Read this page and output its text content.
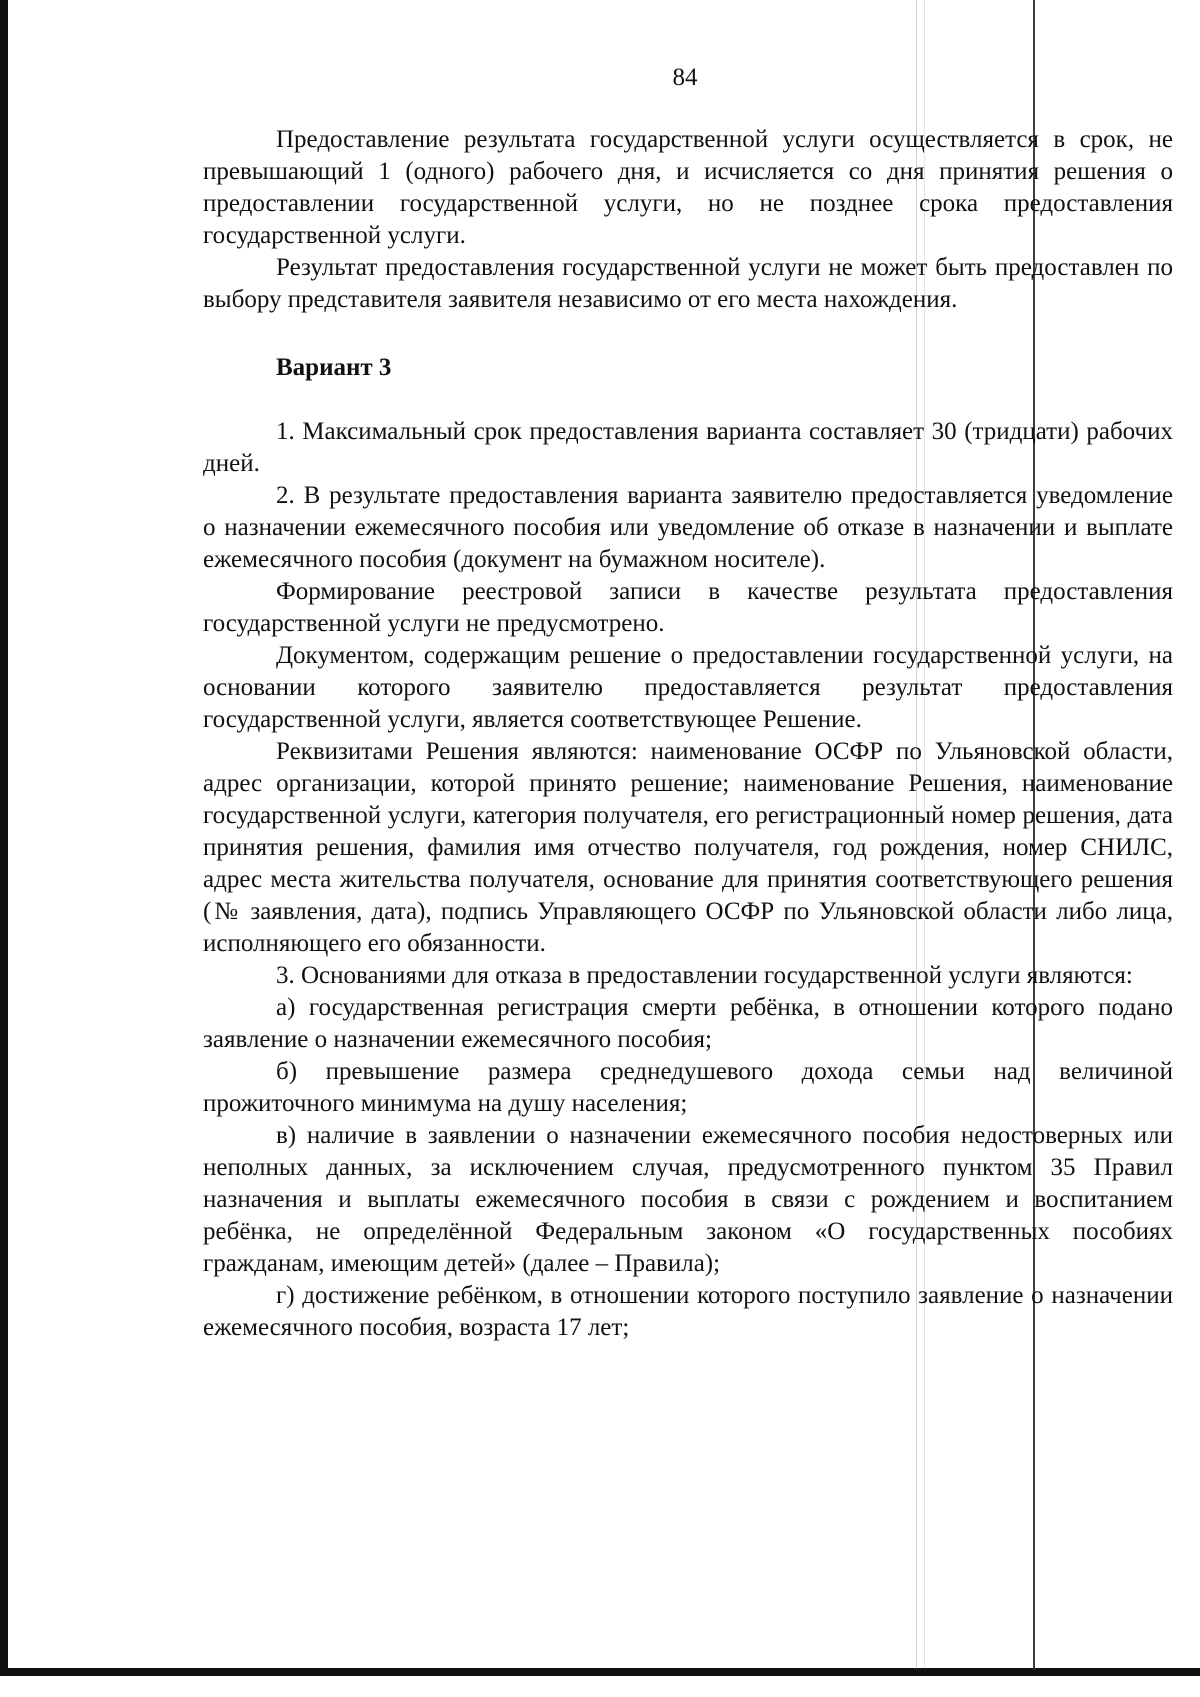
84

Предоставление результата государственной услуги осуществляется в срок, не превышающий 1 (одного) рабочего дня, и исчисляется со дня принятия решения о предоставлении государственной услуги, но не позднее срока предоставления государственной услуги.

Результат предоставления государственной услуги не может быть предоставлен по выбору представителя заявителя независимо от его места нахождения.

Вариант 3

1. Максимальный срок предоставления варианта составляет 30 (тридцати) рабочих дней.

2. В результате предоставления варианта заявителю предоставляется уведомление о назначении ежемесячного пособия или уведомление об отказе в назначении и выплате ежемесячного пособия (документ на бумажном носителе).

Формирование реестровой записи в качестве результата предоставления государственной услуги не предусмотрено.

Документом, содержащим решение о предоставлении государственной услуги, на основании которого заявителю предоставляется результат предоставления государственной услуги, является соответствующее Решение.

Реквизитами Решения являются: наименование ОСФР по Ульяновской области, адрес организации, которой принято решение; наименование Решения, наименование государственной услуги, категория получателя, его регистрационный номер решения, дата принятия решения, фамилия имя отчество получателя, год рождения, номер СНИЛС, адрес места жительства получателя, основание для принятия соответствующего решения (№ заявления, дата), подпись Управляющего ОСФР по Ульяновской области либо лица, исполняющего его обязанности.

3. Основаниями для отказа в предоставлении государственной услуги являются:

а) государственная регистрация смерти ребёнка, в отношении которого подано заявление о назначении ежемесячного пособия;

б) превышение размера среднедушевого дохода семьи над величиной прожиточного минимума на душу населения;

в) наличие в заявлении о назначении ежемесячного пособия недостоверных или неполных данных, за исключением случая, предусмотренного пунктом 35 Правил назначения и выплаты ежемесячного пособия в связи с рождением и воспитанием ребёнка, не определённой Федеральным законом «О государственных пособиях гражданам, имеющим детей» (далее – Правила);

г) достижение ребёнком, в отношении которого поступило заявление о назначении ежемесячного пособия, возраста 17 лет;
